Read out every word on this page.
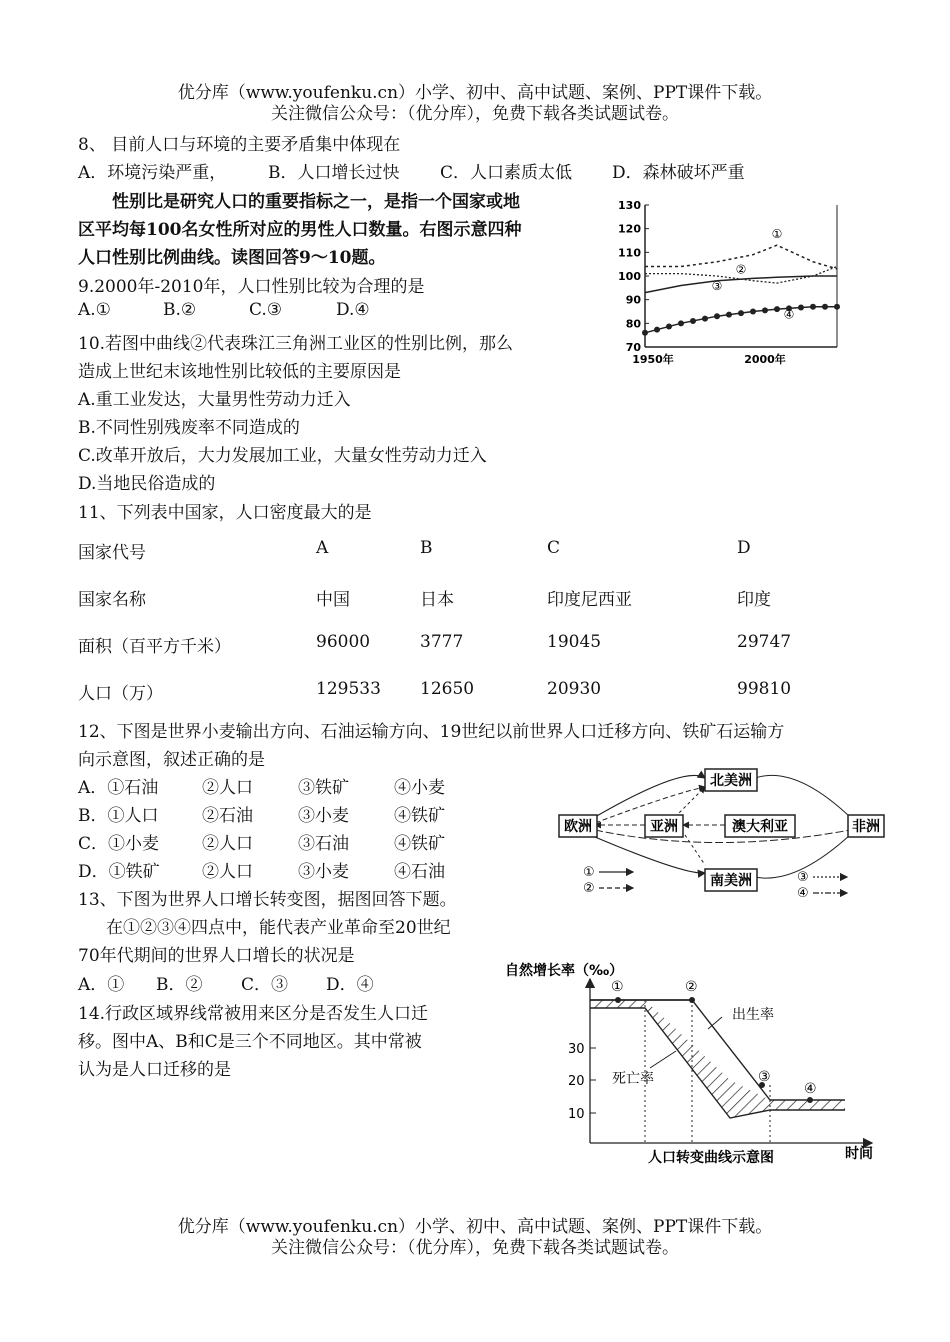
优分库（www.youfenku.cn）小学、初中、高中试题、案例、PPT课件下载。
关注微信公众号：（优分库），免费下载各类试题试卷。
8、 目前人口与环境的主要矛盾集中体现在
A．环境污染严重， B．人口增长过快 C．人口素质太低 D．森林破坏严重
性别比是研究人口的重要指标之一，是指一个国家或地
区平均每100名女性所对应的男性人口数量。右图示意四种
人口性别比例曲线。读图回答9～10题。
9.2000年-2010年，人口性别比较为合理的是
A.①	B.②	C.③	D.④
10.若图中曲线②代表珠江三角洲工业区的性别比例，那么
造成上世纪末该地性别比较低的主要原因是
A.重工业发达，大量男性劳动力迁入
B.不同性别残废率不同造成的
C.改革开放后，大力发展加工业，大量女性劳动力迁入
D.当地民俗造成的
11、下列表中国家，人口密度最大的是
国家代号	A	B	C	D
国家名称	中国	日本	印度尼西亚	印度
面积（百平方千米）	96000	3777	19045	29747
人口（万）	129533 12650	20930	99810
12、下图是世界小麦输出方向、石油运输方向、19世纪以前世界人口迁移方向、铁矿石运输方
向示意图，叙述正确的是
A．①石油	②人口	③铁矿	④小麦
B．①人口	②石油	③小麦	④铁矿
C．①小麦	②人口	③石油	④铁矿
D．①铁矿 ②人口	③小麦	④石油
13、下图为世界人口增长转变图，据图回答下题。
在①②③④四点中，能代表产业革命至20世纪
70年代期间的世界人口增长的状况是
A．① B．② C．③ D．④
14.行政区域界线常被用来区分是否发生人口迁
移。图中A、B和C是三个不同地区。其中常被
认为是人口迁移的是
130
120
110
100
90
80
70
1950年	2000年
①
②
③
④
北美洲
欧洲	亚洲	澳大利亚	非洲
南美洲
①
②
③
④
自然增长率（‰）
30
20
10
①	②
③
④
出生率
死亡率
时间
人口转变曲线示意图
优分库（www.youfenku.cn）小学、初中、高中试题、案例、PPT课件下载。
关注微信公众号：（优分库），免费下载各类试题试卷。
